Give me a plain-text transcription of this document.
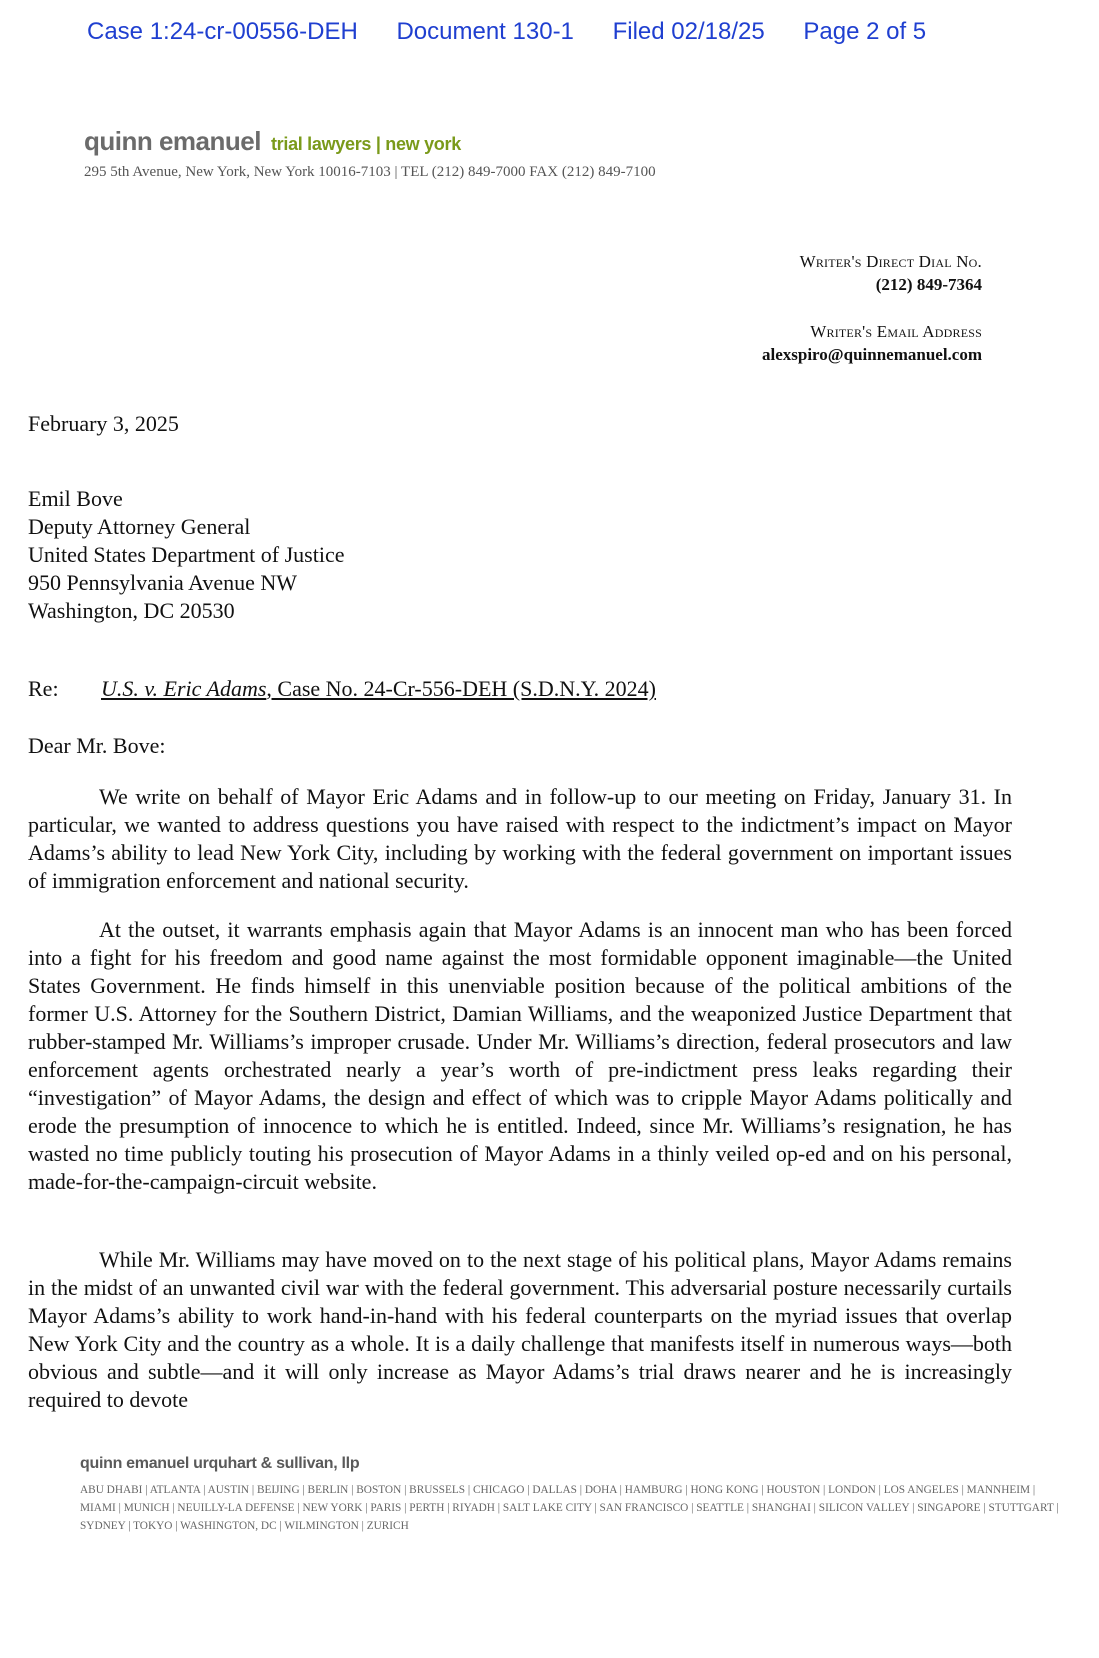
Case 1:24-cr-00556-DEH Document 130-1 Filed 02/18/25 Page 2 of 5
quinn emanuel trial lawyers | new york
295 5th Avenue, New York, New York 10016-7103 | TEL (212) 849-7000 FAX (212) 849-7100
Writer's Direct Dial No.
(212) 849-7364
Writer's Email Address
alexspiro@quinnemanuel.com
February 3, 2025
Emil Bove
Deputy Attorney General
United States Department of Justice
950 Pennsylvania Avenue NW
Washington, DC 20530
Re: U.S. v. Eric Adams, Case No. 24-Cr-556-DEH (S.D.N.Y. 2024)
Dear Mr. Bove:

We write on behalf of Mayor Eric Adams and in follow-up to our meeting on Friday, January 31. In particular, we wanted to address questions you have raised with respect to the indictment’s impact on Mayor Adams’s ability to lead New York City, including by working with the federal government on important issues of immigration enforcement and national security.

At the outset, it warrants emphasis again that Mayor Adams is an innocent man who has been forced into a fight for his freedom and good name against the most formidable opponent imaginable—the United States Government. He finds himself in this unenviable position because of the political ambitions of the former U.S. Attorney for the Southern District, Damian Williams, and the weaponized Justice Department that rubber-stamped Mr. Williams’s improper crusade. Under Mr. Williams’s direction, federal prosecutors and law enforcement agents orchestrated nearly a year’s worth of pre-indictment press leaks regarding their “investigation” of Mayor Adams, the design and effect of which was to cripple Mayor Adams politically and erode the presumption of innocence to which he is entitled. Indeed, since Mr. Williams’s resignation, he has wasted no time publicly touting his prosecution of Mayor Adams in a thinly veiled op-ed and on his personal, made-for-the-campaign-circuit website.

While Mr. Williams may have moved on to the next stage of his political plans, Mayor Adams remains in the midst of an unwanted civil war with the federal government. This adversarial posture necessarily curtails Mayor Adams’s ability to work hand-in-hand with his federal counterparts on the myriad issues that overlap New York City and the country as a whole. It is a daily challenge that manifests itself in numerous ways—both obvious and subtle—and it will only increase as Mayor Adams’s trial draws nearer and he is increasingly required to devote

quinn emanuel urquhart & sullivan, llp
ABU DHABI | ATLANTA | AUSTIN | BEIJING | BERLIN | BOSTON | BRUSSELS | CHICAGO | DALLAS | DOHA | HAMBURG | HONG KONG | HOUSTON | LONDON | LOS ANGELES | MANNHEIM | MIAMI | MUNICH | NEUILLY-LA DEFENSE | NEW YORK | PARIS | PERTH | RIYADH | SALT LAKE CITY | SAN FRANCISCO | SEATTLE | SHANGHAI | SILICON VALLEY | SINGAPORE | STUTTGART | SYDNEY | TOKYO | WASHINGTON, DC | WILMINGTON | ZURICH
